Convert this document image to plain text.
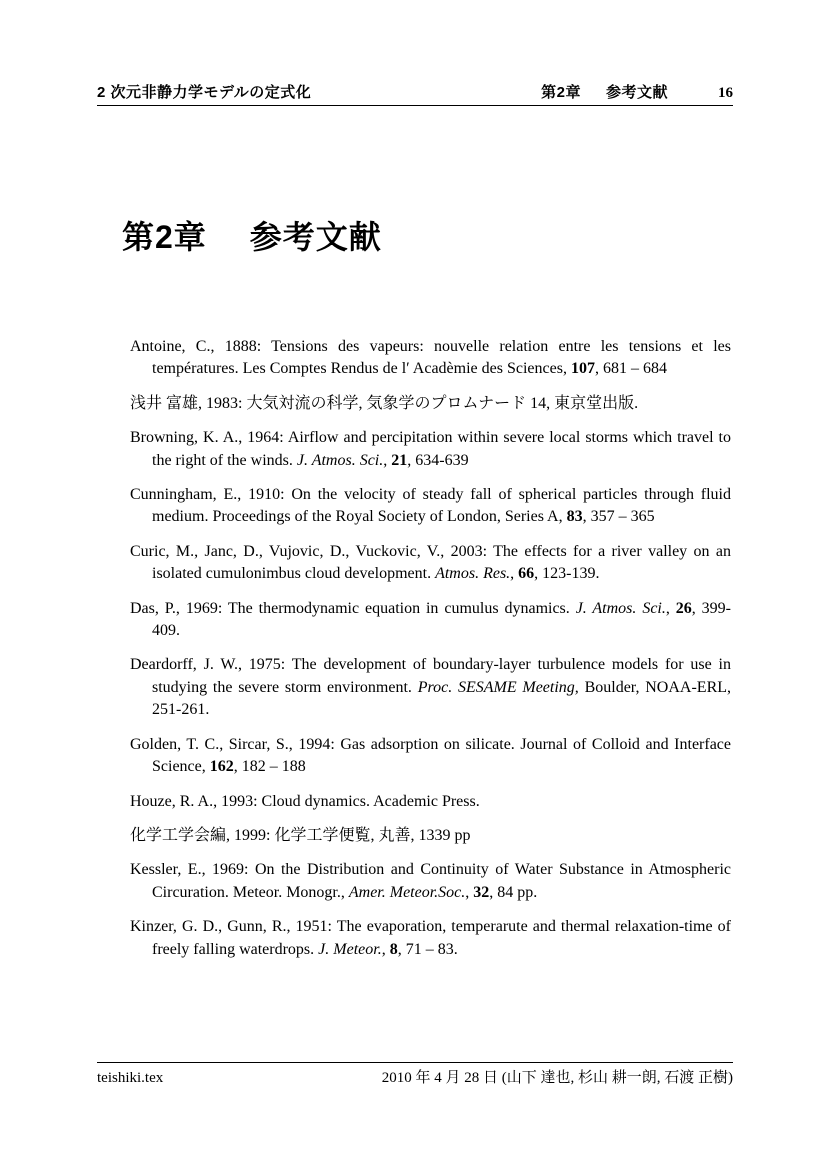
2 次元非静力学モデルの定式化	第2章 参考文献	16
第2章 参考文献

Antoine, C., 1888: Tensions des vapeurs: nouvelle relation entre les tensions et les températures. Les Comptes Rendus de l′ Acadèmie des Sciences, 107, 681 – 684

浅井 富雄, 1983: 大気対流の科学, 気象学のプロムナード 14, 東京堂出版.

Browning, K. A., 1964: Airflow and percipitation within severe local storms which travel to the right of the winds. J. Atmos. Sci., 21, 634-639

Cunningham, E., 1910: On the velocity of steady fall of spherical particles through fluid medium. Proceedings of the Royal Society of London, Series A, 83, 357 – 365

Curic, M., Janc, D., Vujovic, D., Vuckovic, V., 2003: The effects for a river valley on an isolated cumulonimbus cloud development. Atmos. Res., 66, 123-139.

Das, P., 1969: The thermodynamic equation in cumulus dynamics. J. Atmos. Sci., 26, 399-409.

Deardorff, J. W., 1975: The development of boundary-layer turbulence models for use in studying the severe storm environment. Proc. SESAME Meeting, Boulder, NOAA-ERL, 251-261.

Golden, T. C., Sircar, S., 1994: Gas adsorption on silicate. Journal of Colloid and Interface Science, 162, 182 – 188

Houze, R. A., 1993: Cloud dynamics. Academic Press.

化学工学会編, 1999: 化学工学便覧, 丸善, 1339 pp

Kessler, E., 1969: On the Distribution and Continuity of Water Substance in Atmospheric Circuration. Meteor. Monogr., Amer. Meteor.Soc., 32, 84 pp.

Kinzer, G. D., Gunn, R., 1951: The evaporation, temperarute and thermal relaxation-time of freely falling waterdrops. J. Meteor., 8, 71 – 83.

teishiki.tex	2010 年 4 月 28 日 (山下 達也, 杉山 耕一朗, 石渡 正樹)
